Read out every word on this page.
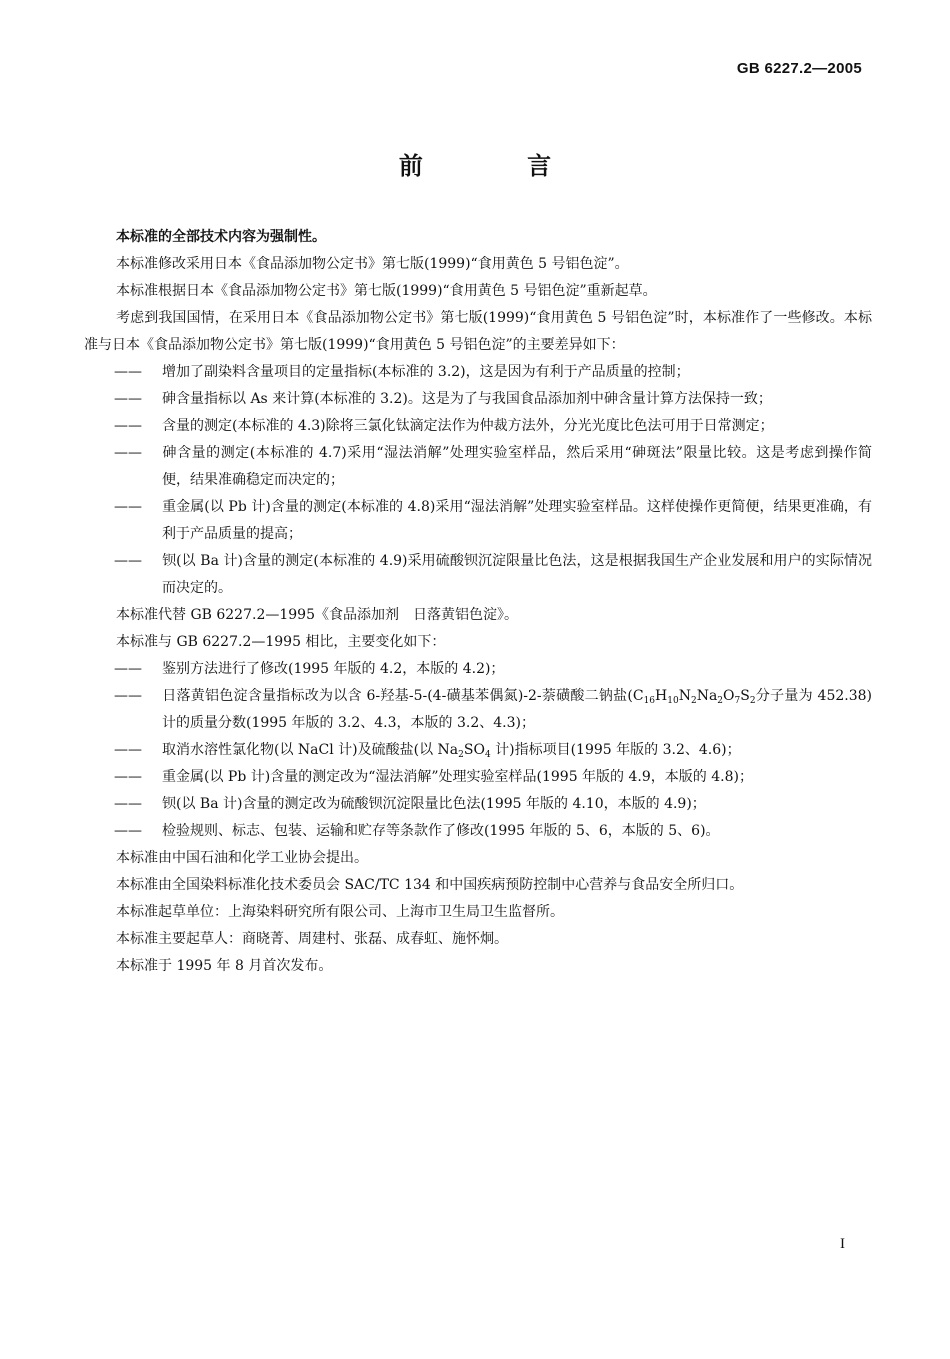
GB 6227.2—2005
前 言

本标准的全部技术内容为强制性。

本标准修改采用日本《食品添加物公定书》第七版(1999)“食用黄色 5 号铝色淀”。

本标准根据日本《食品添加物公定书》第七版(1999)“食用黄色 5 号铝色淀”重新起草。

考虑到我国国情，在采用日本《食品添加物公定书》第七版(1999)“食用黄色 5 号铝色淀”时，本标准作了一些修改。本标准与日本《食品添加物公定书》第七版(1999)“食用黄色 5 号铝色淀”的主要差异如下：

—— 增加了副染料含量项目的定量指标(本标准的 3.2)，这是因为有利于产品质量的控制；

—— 砷含量指标以 As 来计算(本标准的 3.2)。这是为了与我国食品添加剂中砷含量计算方法保持一致；

—— 含量的测定(本标准的 4.3)除将三氯化钛滴定法作为仲裁方法外，分光光度比色法可用于日常测定；

—— 砷含量的测定(本标准的 4.7)采用“湿法消解”处理实验室样品，然后采用“砷斑法”限量比较。这是考虑到操作简便，结果准确稳定而决定的；

—— 重金属(以 Pb 计)含量的测定(本标准的 4.8)采用“湿法消解”处理实验室样品。这样使操作更简便，结果更准确，有利于产品质量的提高；

—— 钡(以 Ba 计)含量的测定(本标准的 4.9)采用硫酸钡沉淀限量比色法，这是根据我国生产企业发展和用户的实际情况而决定的。

本标准代替 GB 6227.2—1995《食品添加剂　日落黄铝色淀》。

本标准与 GB 6227.2—1995 相比，主要变化如下：

—— 鉴别方法进行了修改(1995 年版的 4.2，本版的 4.2)；

—— 日落黄铝色淀含量指标改为以含 6-羟基-5-(4-磺基苯偶氮)-2-萘磺酸二钠盐($C_{16}H_{10}N_2Na_2O_7S_2$分子量为 452.38)计的质量分数(1995 年版的 3.2、4.3，本版的 3.2、4.3)；

—— 取消水溶性氯化物(以 NaCl 计)及硫酸盐(以 $Na_2SO_4$ 计)指标项目(1995 年版的 3.2、4.6)；

—— 重金属(以 Pb 计)含量的测定改为“湿法消解”处理实验室样品(1995 年版的 4.9，本版的 4.8)；

—— 钡(以 Ba 计)含量的测定改为硫酸钡沉淀限量比色法(1995 年版的 4.10，本版的 4.9)；

—— 检验规则、标志、包装、运输和贮存等条款作了修改(1995 年版的 5、6，本版的 5、6)。

本标准由中国石油和化学工业协会提出。

本标准由全国染料标准化技术委员会 SAC/TC 134 和中国疾病预防控制中心营养与食品安全所归口。

本标准起草单位：上海染料研究所有限公司、上海市卫生局卫生监督所。

本标准主要起草人：商晓菁、周建村、张磊、成春虹、施怀炯。

本标准于 1995 年 8 月首次发布。

I
